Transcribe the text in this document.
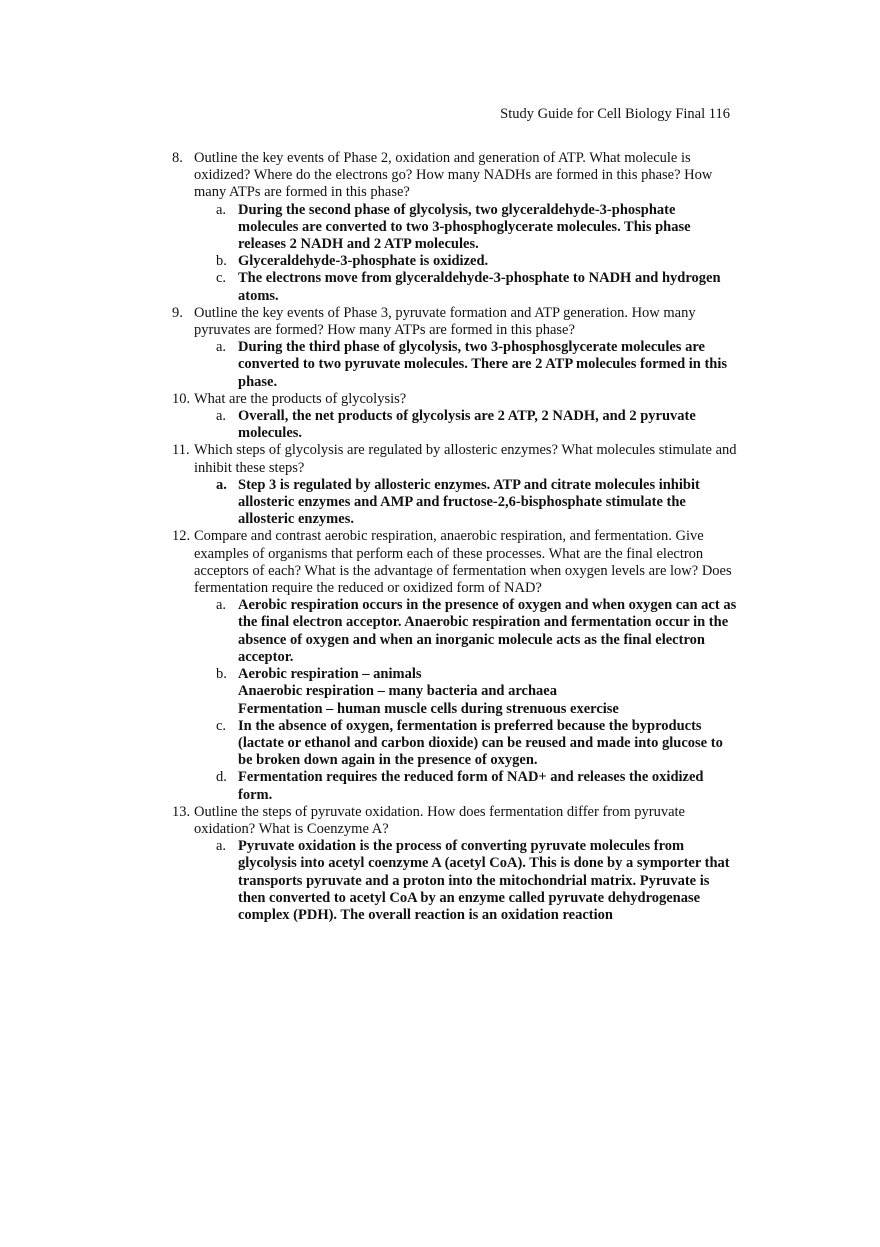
Study Guide for Cell Biology Final 116
8. Outline the key events of Phase 2, oxidation and generation of ATP. What molecule is oxidized? Where do the electrons go? How many NADHs are formed in this phase? How many ATPs are formed in this phase?
a. During the second phase of glycolysis, two glyceraldehyde-3-phosphate molecules are converted to two 3-phosphoglycerate molecules. This phase releases 2 NADH and 2 ATP molecules.
b. Glyceraldehyde-3-phosphate is oxidized.
c. The electrons move from glyceraldehyde-3-phosphate to NADH and hydrogen atoms.
9. Outline the key events of Phase 3, pyruvate formation and ATP generation. How many pyruvates are formed? How many ATPs are formed in this phase?
a. During the third phase of glycolysis, two 3-phosphosglycerate molecules are converted to two pyruvate molecules. There are 2 ATP molecules formed in this phase.
10. What are the products of glycolysis?
a. Overall, the net products of glycolysis are 2 ATP, 2 NADH, and 2 pyruvate molecules.
11. Which steps of glycolysis are regulated by allosteric enzymes? What molecules stimulate and inhibit these steps?
a. Step 3 is regulated by allosteric enzymes. ATP and citrate molecules inhibit allosteric enzymes and AMP and fructose-2,6-bisphosphate stimulate the allosteric enzymes.
12. Compare and contrast aerobic respiration, anaerobic respiration, and fermentation. Give examples of organisms that perform each of these processes. What are the final electron acceptors of each? What is the advantage of fermentation when oxygen levels are low? Does fermentation require the reduced or oxidized form of NAD?
a. Aerobic respiration occurs in the presence of oxygen and when oxygen can act as the final electron acceptor. Anaerobic respiration and fermentation occur in the absence of oxygen and when an inorganic molecule acts as the final electron acceptor.
b. Aerobic respiration – animals
Anaerobic respiration – many bacteria and archaea
Fermentation – human muscle cells during strenuous exercise
c. In the absence of oxygen, fermentation is preferred because the byproducts (lactate or ethanol and carbon dioxide) can be reused and made into glucose to be broken down again in the presence of oxygen.
d. Fermentation requires the reduced form of NAD+ and releases the oxidized form.
13. Outline the steps of pyruvate oxidation. How does fermentation differ from pyruvate oxidation? What is Coenzyme A?
a. Pyruvate oxidation is the process of converting pyruvate molecules from glycolysis into acetyl coenzyme A (acetyl CoA). This is done by a symporter that transports pyruvate and a proton into the mitochondrial matrix. Pyruvate is then converted to acetyl CoA by an enzyme called pyruvate dehydrogenase complex (PDH). The overall reaction is an oxidation reaction
